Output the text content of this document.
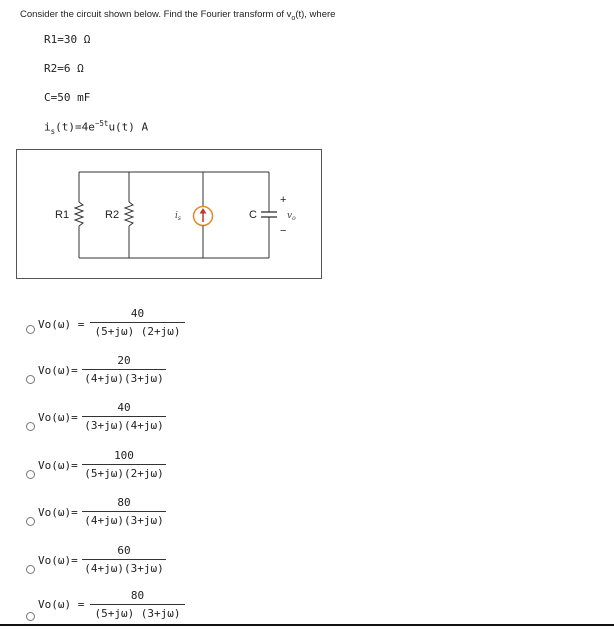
Consider the circuit shown below. Find the Fourier transform of $v_o(t)$, where
R1=30 Ω
R2=6 Ω
C=50 mF
$i_s(t)=4e^{-5t}u(t)$ A
R1	R2	$i_s$	C
+
−
$v_o$
Vo(ω) =
40
(5+jω) (2+jω)
Vo(ω)=
20
(4+jω)(3+jω)
Vo(ω)=
40
(3+jω)(4+jω)
Vo(ω)=
100
(5+jω)(2+jω)
Vo(ω)=
80
(4+jω)(3+jω)
Vo(ω)=
60
(4+jω)(3+jω)
Vo(ω) =
80
(5+jω) (3+jω)
